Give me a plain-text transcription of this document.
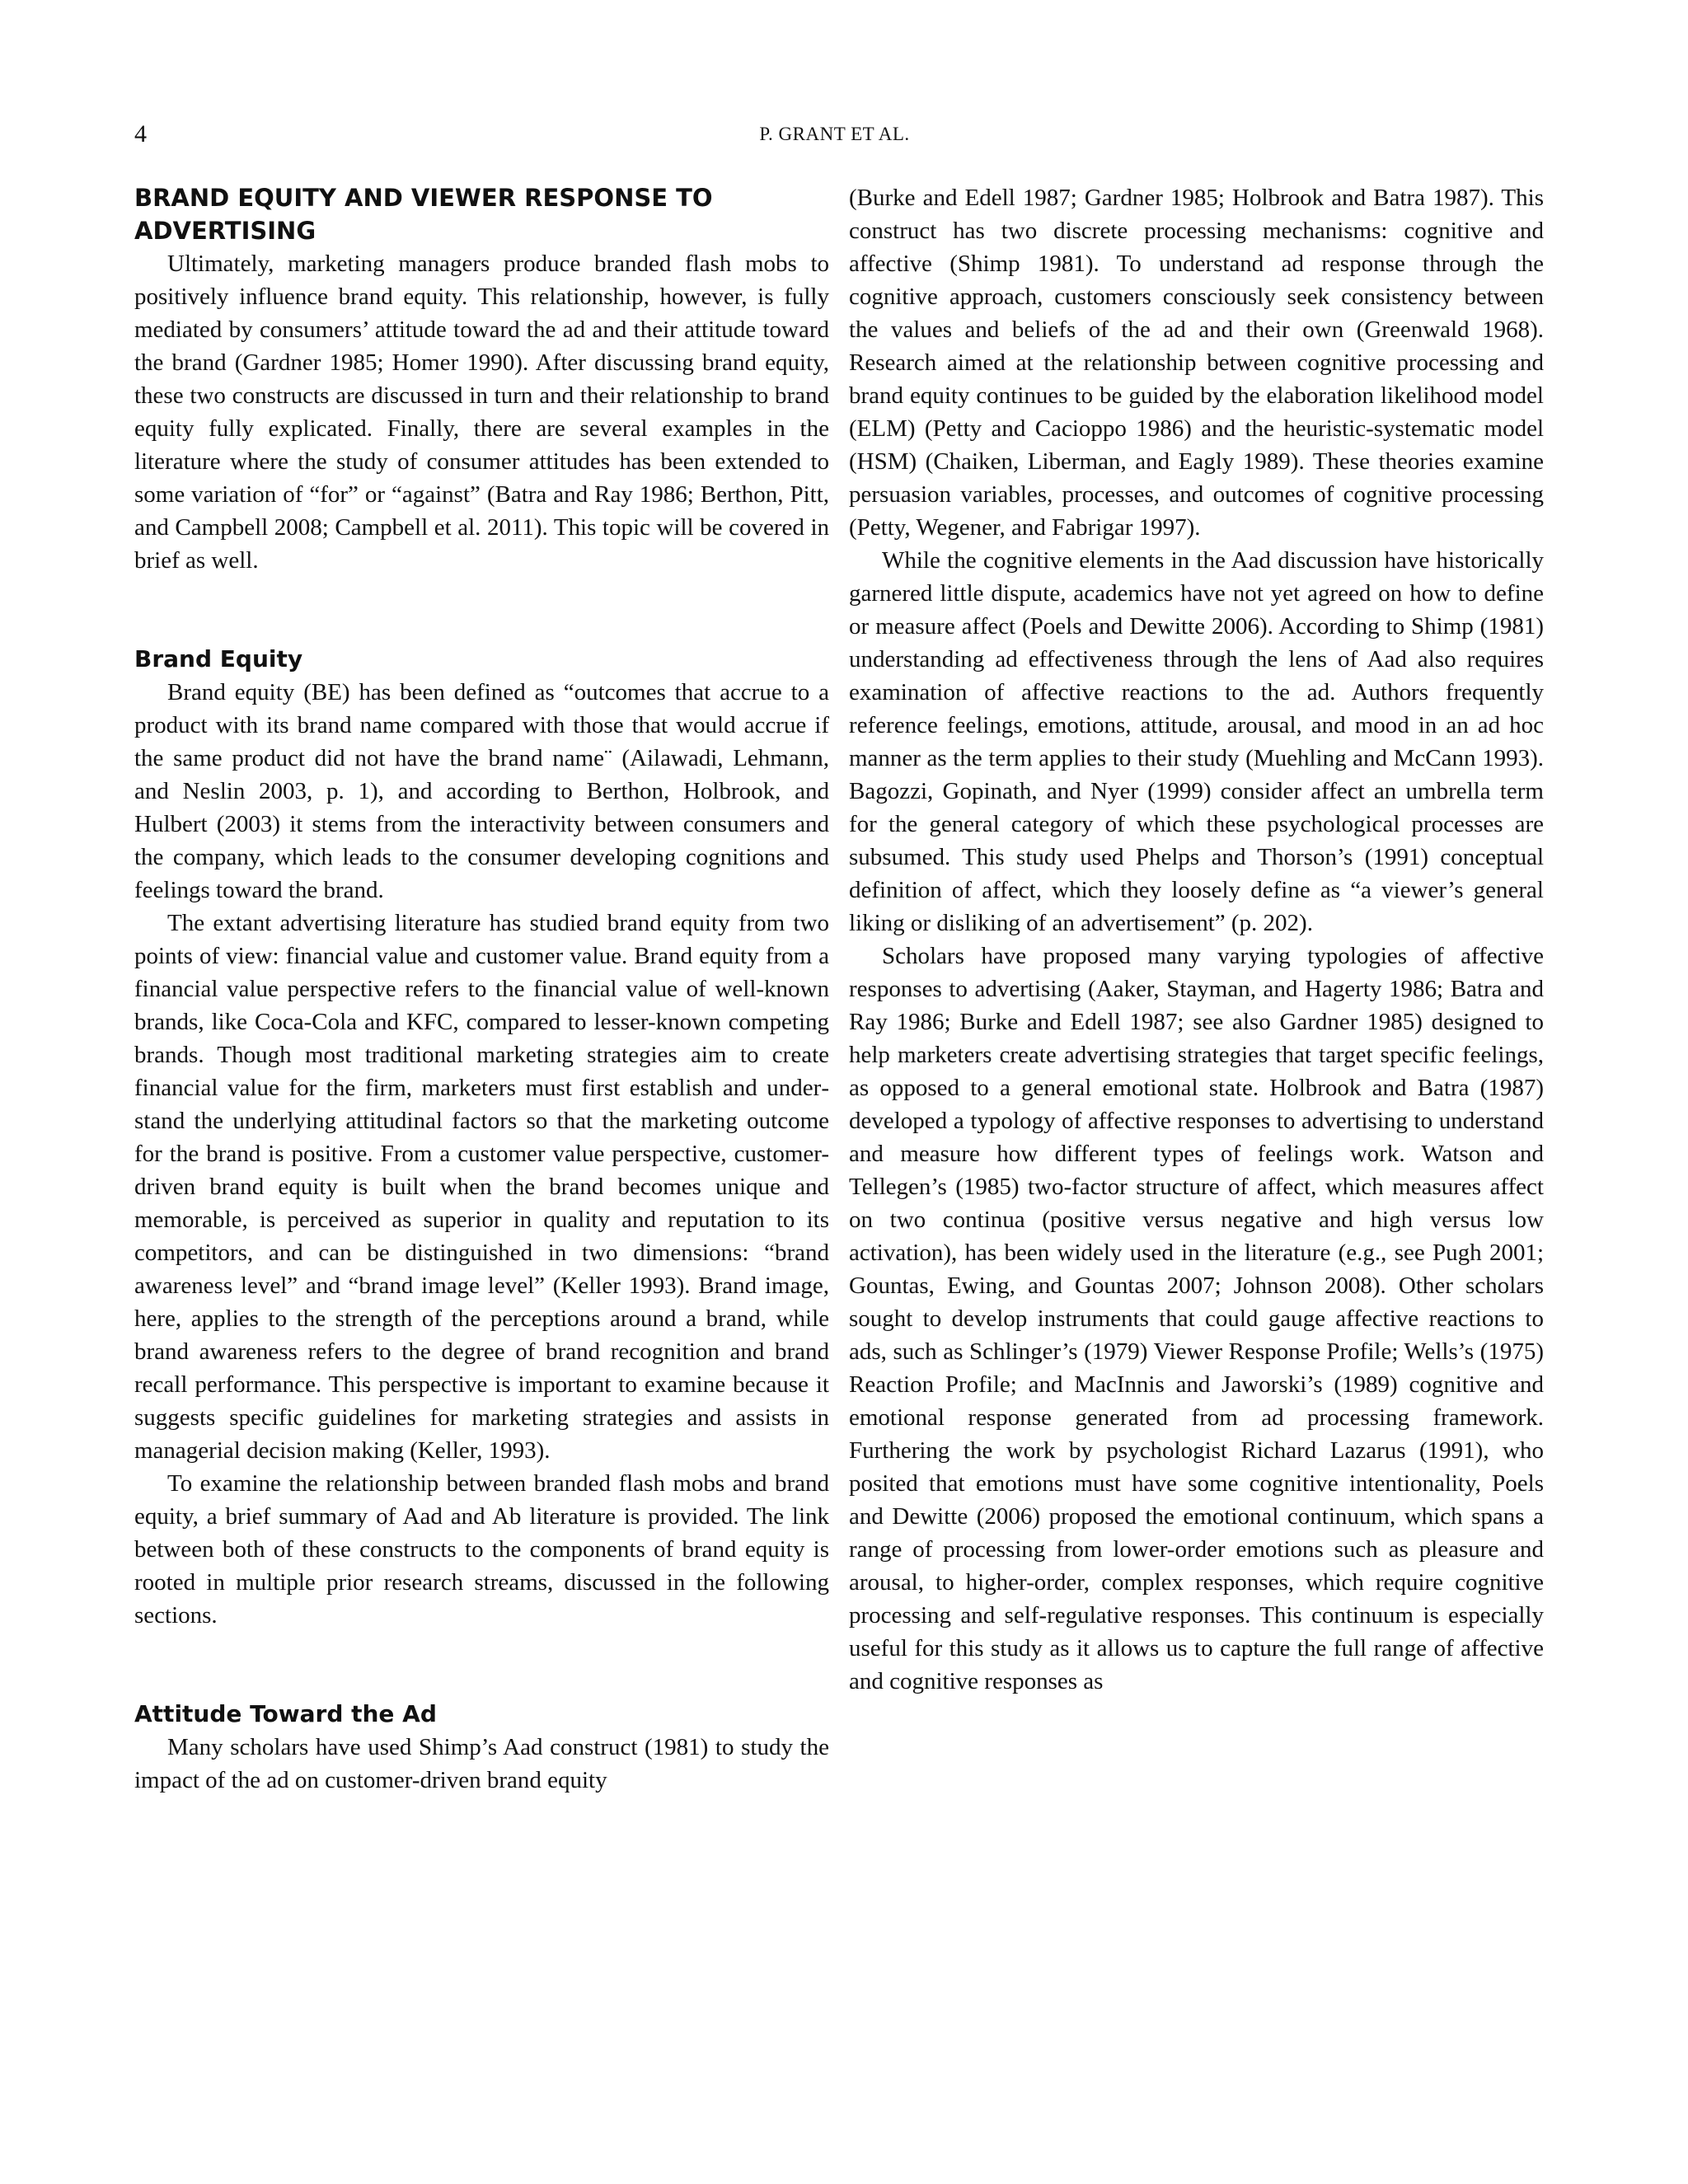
4	P. GRANT ET AL.
BRAND EQUITY AND VIEWER RESPONSE TO ADVERTISING

Ultimately, marketing managers produce branded flash mobs to positively influence brand equity. This relationship, however, is fully mediated by consumers’ attitude toward the ad and their attitude toward the brand (Gardner 1985; Homer 1990). After discussing brand equity, these two constructs are discussed in turn and their relationship to brand equity fully explicated. Finally, there are several examples in the literature where the study of consumer attitudes has been extended to some variation of “for” or “against” (Batra and Ray 1986; Berthon, Pitt, and Campbell 2008; Campbell et al. 2011). This topic will be covered in brief as well.

Brand Equity

Brand equity (BE) has been defined as “outcomes that accrue to a product with its brand name compared with those that would accrue if the same product did not have the brand name¨ (Ailawadi, Lehmann, and Neslin 2003, p. 1), and according to Berthon, Holbrook, and Hulbert (2003) it stems from the interactivity between consumers and the company, which leads to the consumer developing cognitions and feelings toward the brand.

The extant advertising literature has studied brand equity from two points of view: financial value and customer value. Brand equity from a financial value perspective refers to the financial value of well-known brands, like Coca-Cola and KFC, compared to lesser-known competing brands. Though most traditional marketing strategies aim to create financial value for the firm, marketers must first establish and understand the underlying attitudinal factors so that the marketing outcome for the brand is positive. From a customer value perspective, customer-driven brand equity is built when the brand becomes unique and memorable, is perceived as superior in quality and reputation to its competitors, and can be distinguished in two dimensions: “brand awareness level” and “brand image level” (Keller 1993). Brand image, here, applies to the strength of the perceptions around a brand, while brand awareness refers to the degree of brand recognition and brand recall performance. This perspective is important to examine because it suggests specific guidelines for marketing strategies and assists in managerial decision making (Keller, 1993).

To examine the relationship between branded flash mobs and brand equity, a brief summary of Aad and Ab literature is provided. The link between both of these constructs to the components of brand equity is rooted in multiple prior research streams, discussed in the following sections.

Attitude Toward the Ad

Many scholars have used Shimp’s Aad construct (1981) to study the impact of the ad on customer-driven brand equity

(Burke and Edell 1987; Gardner 1985; Holbrook and Batra 1987). This construct has two discrete processing mechanisms: cognitive and affective (Shimp 1981). To understand ad response through the cognitive approach, customers consciously seek consistency between the values and beliefs of the ad and their own (Greenwald 1968). Research aimed at the relationship between cognitive processing and brand equity continues to be guided by the elaboration likelihood model (ELM) (Petty and Cacioppo 1986) and the heuristic-systematic model (HSM) (Chaiken, Liberman, and Eagly 1989). These theories examine persuasion variables, processes, and outcomes of cognitive processing (Petty, Wegener, and Fabrigar 1997).

While the cognitive elements in the Aad discussion have historically garnered little dispute, academics have not yet agreed on how to define or measure affect (Poels and Dewitte 2006). According to Shimp (1981) understanding ad effectiveness through the lens of Aad also requires examination of affective reactions to the ad. Authors frequently reference feelings, emotions, attitude, arousal, and mood in an ad hoc manner as the term applies to their study (Muehling and McCann 1993). Bagozzi, Gopinath, and Nyer (1999) consider affect an umbrella term for the general category of which these psychological processes are subsumed. This study used Phelps and Thorson’s (1991) conceptual definition of affect, which they loosely define as “a viewer’s general liking or disliking of an advertisement” (p. 202).

Scholars have proposed many varying typologies of affective responses to advertising (Aaker, Stayman, and Hagerty 1986; Batra and Ray 1986; Burke and Edell 1987; see also Gardner 1985) designed to help marketers create advertising strategies that target specific feelings, as opposed to a general emotional state. Holbrook and Batra (1987) developed a typology of affective responses to advertising to understand and measure how different types of feelings work. Watson and Tellegen’s (1985) two-factor structure of affect, which measures affect on two continua (positive versus negative and high versus low activation), has been widely used in the literature (e.g., see Pugh 2001; Gountas, Ewing, and Gountas 2007; Johnson 2008). Other scholars sought to develop instruments that could gauge affective reactions to ads, such as Schlinger’s (1979) Viewer Response Profile; Wells’s (1975) Reaction Profile; and MacInnis and Jaworski’s (1989) cognitive and emotional response generated from ad processing framework. Furthering the work by psychologist Richard Lazarus (1991), who posited that emotions must have some cognitive intentionality, Poels and Dewitte (2006) proposed the emotional continuum, which spans a range of processing from lower-order emotions such as pleasure and arousal, to higher-order, complex responses, which require cognitive processing and self-regulative responses. This continuum is especially useful for this study as it allows us to capture the full range of affective and cognitive responses as
